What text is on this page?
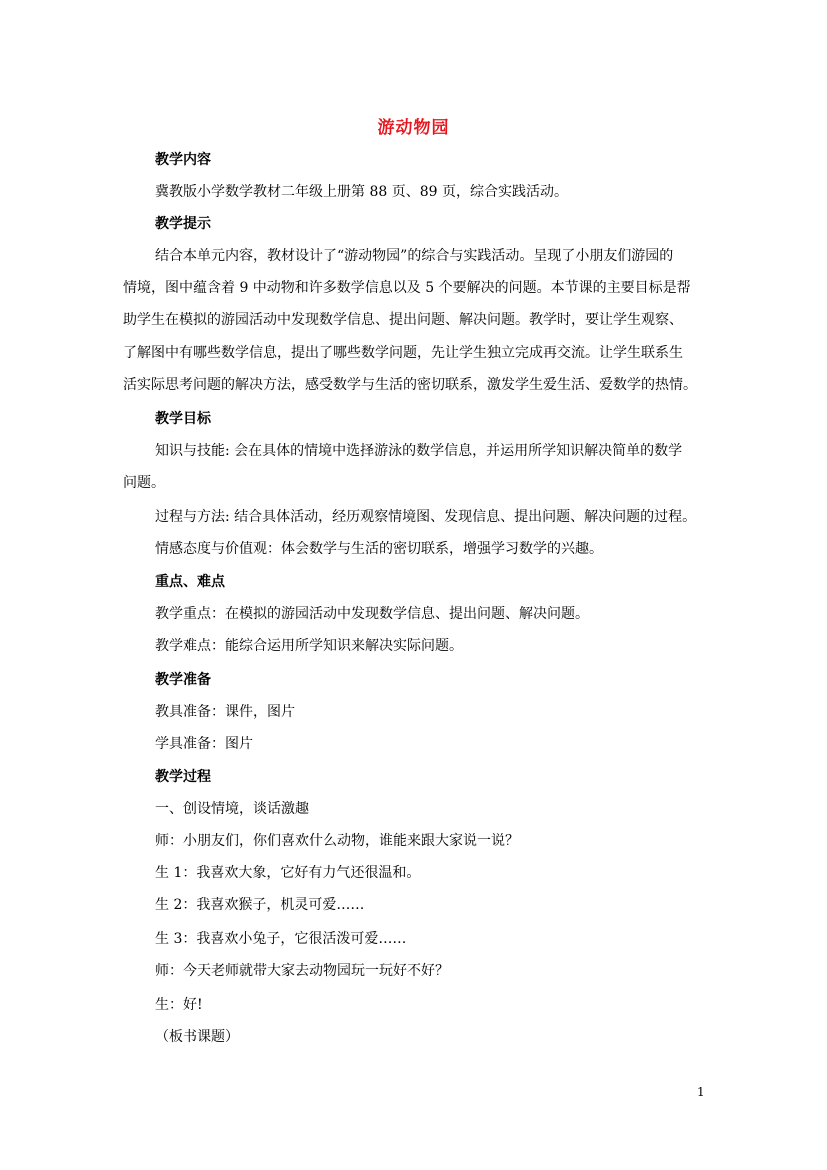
游动物园
教学内容
冀教版小学数学教材二年级上册第 88 页、89 页，综合实践活动。
教学提示
结合本单元内容，教材设计了“游动物园”的综合与实践活动。呈现了小朋友们游园的
情境，图中蕴含着 9 中动物和许多数学信息以及 5 个要解决的问题。本节课的主要目标是帮
助学生在模拟的游园活动中发现数学信息、提出问题、解决问题。教学时，要让学生观察、
了解图中有哪些数学信息，提出了哪些数学问题，先让学生独立完成再交流。让学生联系生
活实际思考问题的解决方法，感受数学与生活的密切联系，激发学生爱生活、爱数学的热情。
教学目标
知识与技能: 会在具体的情境中选择游泳的数学信息，并运用所学知识解决简单的数学
问题。
过程与方法: 结合具体活动，经历观察情境图、发现信息、提出问题、解决问题的过程。
情感态度与价值观：体会数学与生活的密切联系，增强学习数学的兴趣。
重点、难点
教学重点：在模拟的游园活动中发现数学信息、提出问题、解决问题。
教学难点：能综合运用所学知识来解决实际问题。
教学准备
教具准备：课件，图片
学具准备：图片
教学过程
一、创设情境，谈话激趣
师：小朋友们，你们喜欢什么动物，谁能来跟大家说一说？
生 1：我喜欢大象，它好有力气还很温和。
生 2：我喜欢猴子，机灵可爱……
生 3：我喜欢小兔子，它很活泼可爱……
师：今天老师就带大家去动物园玩一玩好不好？
生：好!
（板书课题）
1
